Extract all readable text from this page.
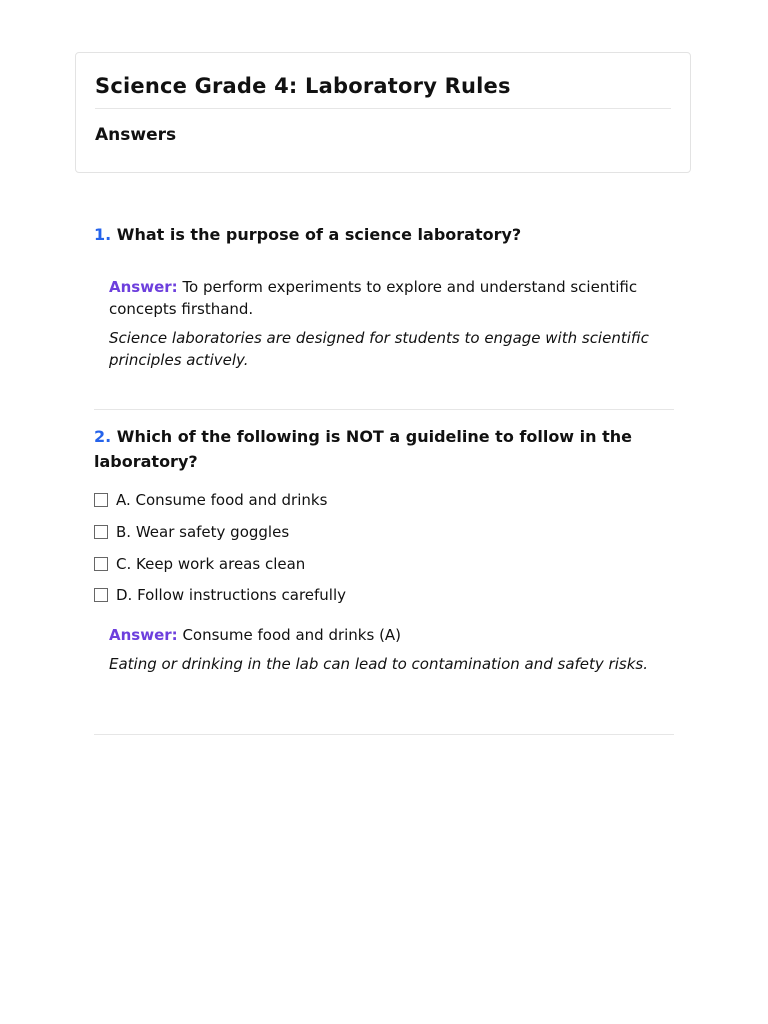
Science Grade 4: Laboratory Rules
Answers

1. What is the purpose of a science laboratory?

Answer: To perform experiments to explore and understand scientific concepts firsthand.

Science laboratories are designed for students to engage with scientific principles actively.

2. Which of the following is NOT a guideline to follow in the laboratory?

A. Consume food and drinks
B. Wear safety goggles
C. Keep work areas clean
D. Follow instructions carefully

Answer: Consume food and drinks (A)

Eating or drinking in the lab can lead to contamination and safety risks.
